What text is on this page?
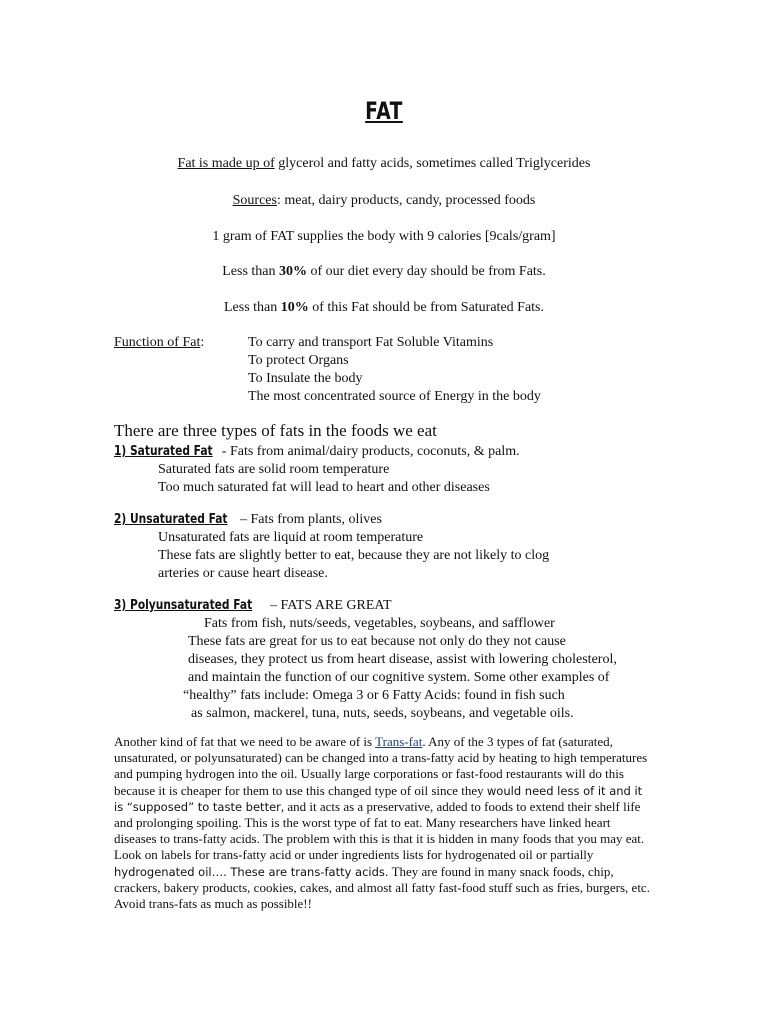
FAT
Fat is made up of glycerol and fatty acids, sometimes called Triglycerides
Sources: meat, dairy products, candy, processed foods
1 gram of FAT supplies the body with 9 calories [9cals/gram]
Less than 30% of our diet every day should be from Fats.
Less than 10% of this Fat should be from Saturated Fats.
Function of Fat:	To carry and transport Fat Soluble Vitamins
To protect Organs
To Insulate the body
The most concentrated source of Energy in the body
There are three types of fats in the foods we eat
1) Saturated Fat - Fats from animal/dairy products, coconuts, & palm.
Saturated fats are solid room temperature
Too much saturated fat will lead to heart and other diseases
2) Unsaturated Fat – Fats from plants, olives
Unsaturated fats are liquid at room temperature
These fats are slightly better to eat, because they are not likely to clog
arteries or cause heart disease.
3) Polyunsaturated Fat – FATS ARE GREAT
Fats from fish, nuts/seeds, vegetables, soybeans, and safflower
These fats are great for us to eat because not only do they not cause
diseases, they protect us from heart disease, assist with lowering cholesterol,
and maintain the function of our cognitive system. Some other examples of
“healthy” fats include: Omega 3 or 6 Fatty Acids: found in fish such
as salmon, mackerel, tuna, nuts, seeds, soybeans, and vegetable oils.
Another kind of fat that we need to be aware of is Trans-fat. Any of the 3 types of fat (saturated, unsaturated, or polyunsaturated) can be changed into a trans-fatty acid by heating to high temperatures and pumping hydrogen into the oil. Usually large corporations or fast-food restaurants will do this because it is cheaper for them to use this changed type of oil since they would need less of it and it is “supposed” to taste better, and it acts as a preservative, added to foods to extend their shelf life and prolonging spoiling. This is the worst type of fat to eat. Many researchers have linked heart diseases to trans-fatty acids. The problem with this is that it is hidden in many foods that you may eat. Look on labels for trans-fatty acid or under ingredients lists for hydrogenated oil or partially hydrogenated oil…. These are trans-fatty acids. They are found in many snack foods, chip, crackers, bakery products, cookies, cakes, and almost all fatty fast-food stuff such as fries, burgers, etc. Avoid trans-fats as much as possible!!
